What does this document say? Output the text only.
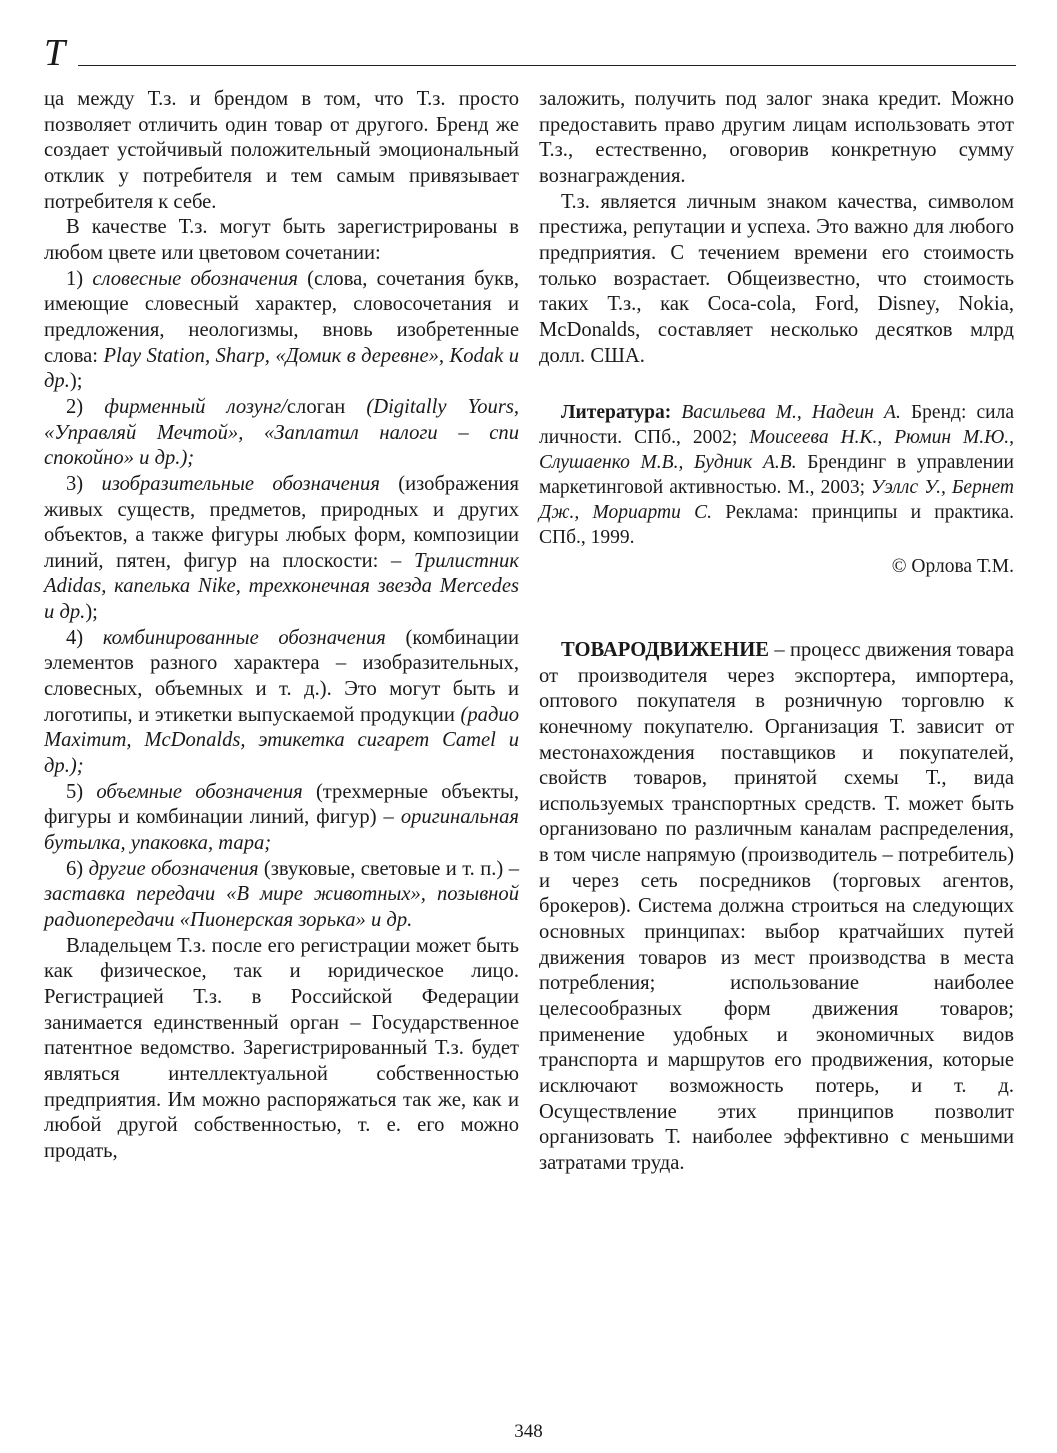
Т

ца между Т.з. и брендом в том, что Т.з. просто позволяет отличить один товар от другого. Бренд же создает устойчивый положительный эмоциональный отклик у потребителя и тем самым привязывает потребителя к себе.

В качестве Т.з. могут быть зарегистрированы в любом цвете или цветовом сочетании:

1) словесные обозначения (слова, сочетания букв, имеющие словесный характер, словосочетания и предложения, неологизмы, вновь изобретенные слова: Play Station, Sharp, «Домик в деревне», Kodak и др.);

2) фирменный лозунг/слоган (Digitally Yours, «Управляй Мечтой», «Заплатил налоги – спи спокойно» и др.);

3) изобразительные обозначения (изображения живых существ, предметов, природных и других объектов, а также фигуры любых форм, композиции линий, пятен, фигур на плоскости: – Трилистник Adidas, капелька Nike, трехконечная звезда Mercedes и др.);

4) комбинированные обозначения (комбинации элементов разного характера – изобразительных, словесных, объемных и т. д.). Это могут быть и логотипы, и этикетки выпускаемой продукции (радио Maximum, McDonalds, этикетка сигарет Camel и др.);

5) объемные обозначения (трехмерные объекты, фигуры и комбинации линий, фигур) – оригинальная бутылка, упаковка, тара;

6) другие обозначения (звуковые, световые и т. п.) – заставка передачи «В мире животных», позывной радиопередачи «Пионерская зорька» и др.

Владельцем Т.з. после его регистрации может быть как физическое, так и юридическое лицо. Регистрацией Т.з. в Российской Федерации занимается единственный орган – Государственное патентное ведомство. Зарегистрированный Т.з. будет являться интеллектуальной собственностью предприятия. Им можно распоряжаться так же, как и любой другой собственностью, т. е. его можно продать,

заложить, получить под залог знака кредит. Можно предоставить право другим лицам использовать этот Т.з., естественно, оговорив конкретную сумму вознаграждения.

Т.з. является личным знаком качества, символом престижа, репутации и успеха. Это важно для любого предприятия. С течением времени его стоимость только возрастает. Общеизвестно, что стоимость таких Т.з., как Coca-cola, Ford, Disney, Nokia, McDonalds, составляет несколько десятков млрд долл. США.

Литература: Васильева М., Надеин А. Бренд: сила личности. СПб., 2002; Моисеева Н.К., Рюмин М.Ю., Слушаенко М.В., Будник А.В. Брендинг в управлении маркетинговой активностью. М., 2003; Уэллс У., Бернет Дж., Мориарти С. Реклама: принципы и практика. СПб., 1999.

© Орлова Т.М.

ТОВАРОДВИЖЕНИЕ – процесс движения товара от производителя через экспортера, импортера, оптового покупателя в розничную торговлю к конечному покупателю. Организация Т. зависит от местонахождения поставщиков и покупателей, свойств товаров, принятой схемы Т., вида используемых транспортных средств. Т. может быть организовано по различным каналам распределения, в том числе напрямую (производитель – потребитель) и через сеть посредников (торговых агентов, брокеров). Система должна строиться на следующих основных принципах: выбор кратчайших путей движения товаров из мест производства в места потребления; использование наиболее целесообразных форм движения товаров; применение удобных и экономичных видов транспорта и маршрутов его продвижения, которые исключают возможность потерь, и т. д. Осуществление этих принципов позволит организовать Т. наиболее эффективно с меньшими затратами труда.

348
